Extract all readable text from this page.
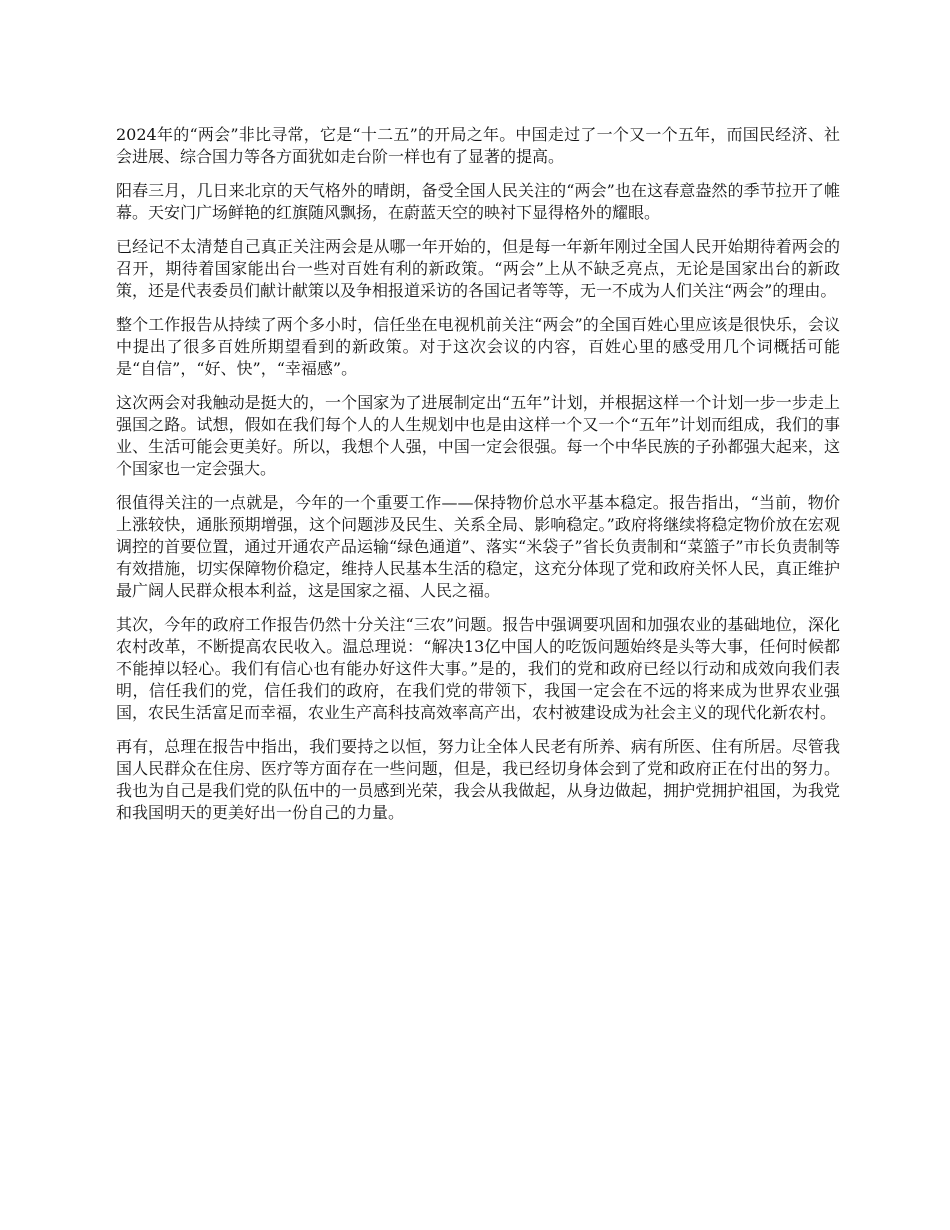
2024年的“两会”非比寻常，它是“十二五”的开局之年。中国走过了一个又一个五年，而国民经济、社会进展、综合国力等各方面犹如走台阶一样也有了显著的提高。

阳春三月，几日来北京的天气格外的晴朗，备受全国人民关注的“两会”也在这春意盎然的季节拉开了帷幕。天安门广场鲜艳的红旗随风飘扬，在蔚蓝天空的映衬下显得格外的耀眼。

已经记不太清楚自己真正关注两会是从哪一年开始的，但是每一年新年刚过全国人民开始期待着两会的召开，期待着国家能出台一些对百姓有利的新政策。“两会”上从不缺乏亮点，无论是国家出台的新政策，还是代表委员们献计献策以及争相报道采访的各国记者等等，无一不成为人们关注“两会”的理由。

整个工作报告从持续了两个多小时，信任坐在电视机前关注“两会”的全国百姓心里应该是很快乐，会议中提出了很多百姓所期望看到的新政策。对于这次会议的内容，百姓心里的感受用几个词概括可能是“自信”，“好、快”，“幸福感”。

这次两会对我触动是挺大的，一个国家为了进展制定出“五年”计划，并根据这样一个计划一步一步走上强国之路。试想，假如在我们每个人的人生规划中也是由这样一个又一个“五年”计划而组成，我们的事业、生活可能会更美好。所以，我想个人强，中国一定会很强。每一个中华民族的子孙都强大起来，这个国家也一定会强大。

很值得关注的一点就是，今年的一个重要工作——保持物价总水平基本稳定。报告指出，“当前，物价上涨较快，通胀预期增强，这个问题涉及民生、关系全局、影响稳定。”政府将继续将稳定物价放在宏观调控的首要位置，通过开通农产品运输“绿色通道”、落实“米袋子”省长负责制和“菜篮子”市长负责制等有效措施，切实保障物价稳定，维持人民基本生活的稳定，这充分体现了党和政府关怀人民，真正维护最广阔人民群众根本利益，这是国家之福、人民之福。

其次，今年的政府工作报告仍然十分关注“三农”问题。报告中强调要巩固和加强农业的基础地位，深化农村改革，不断提高农民收入。温总理说：“解决13亿中国人的吃饭问题始终是头等大事，任何时候都不能掉以轻心。我们有信心也有能办好这件大事。”是的，我们的党和政府已经以行动和成效向我们表明，信任我们的党，信任我们的政府，在我们党的带领下，我国一定会在不远的将来成为世界农业强国，农民生活富足而幸福，农业生产高科技高效率高产出，农村被建设成为社会主义的现代化新农村。

再有，总理在报告中指出，我们要持之以恒，努力让全体人民老有所养、病有所医、住有所居。尽管我国人民群众在住房、医疗等方面存在一些问题，但是，我已经切身体会到了党和政府正在付出的努力。我也为自己是我们党的队伍中的一员感到光荣，我会从我做起，从身边做起，拥护党拥护祖国，为我党和我国明天的更美好出一份自己的力量。
